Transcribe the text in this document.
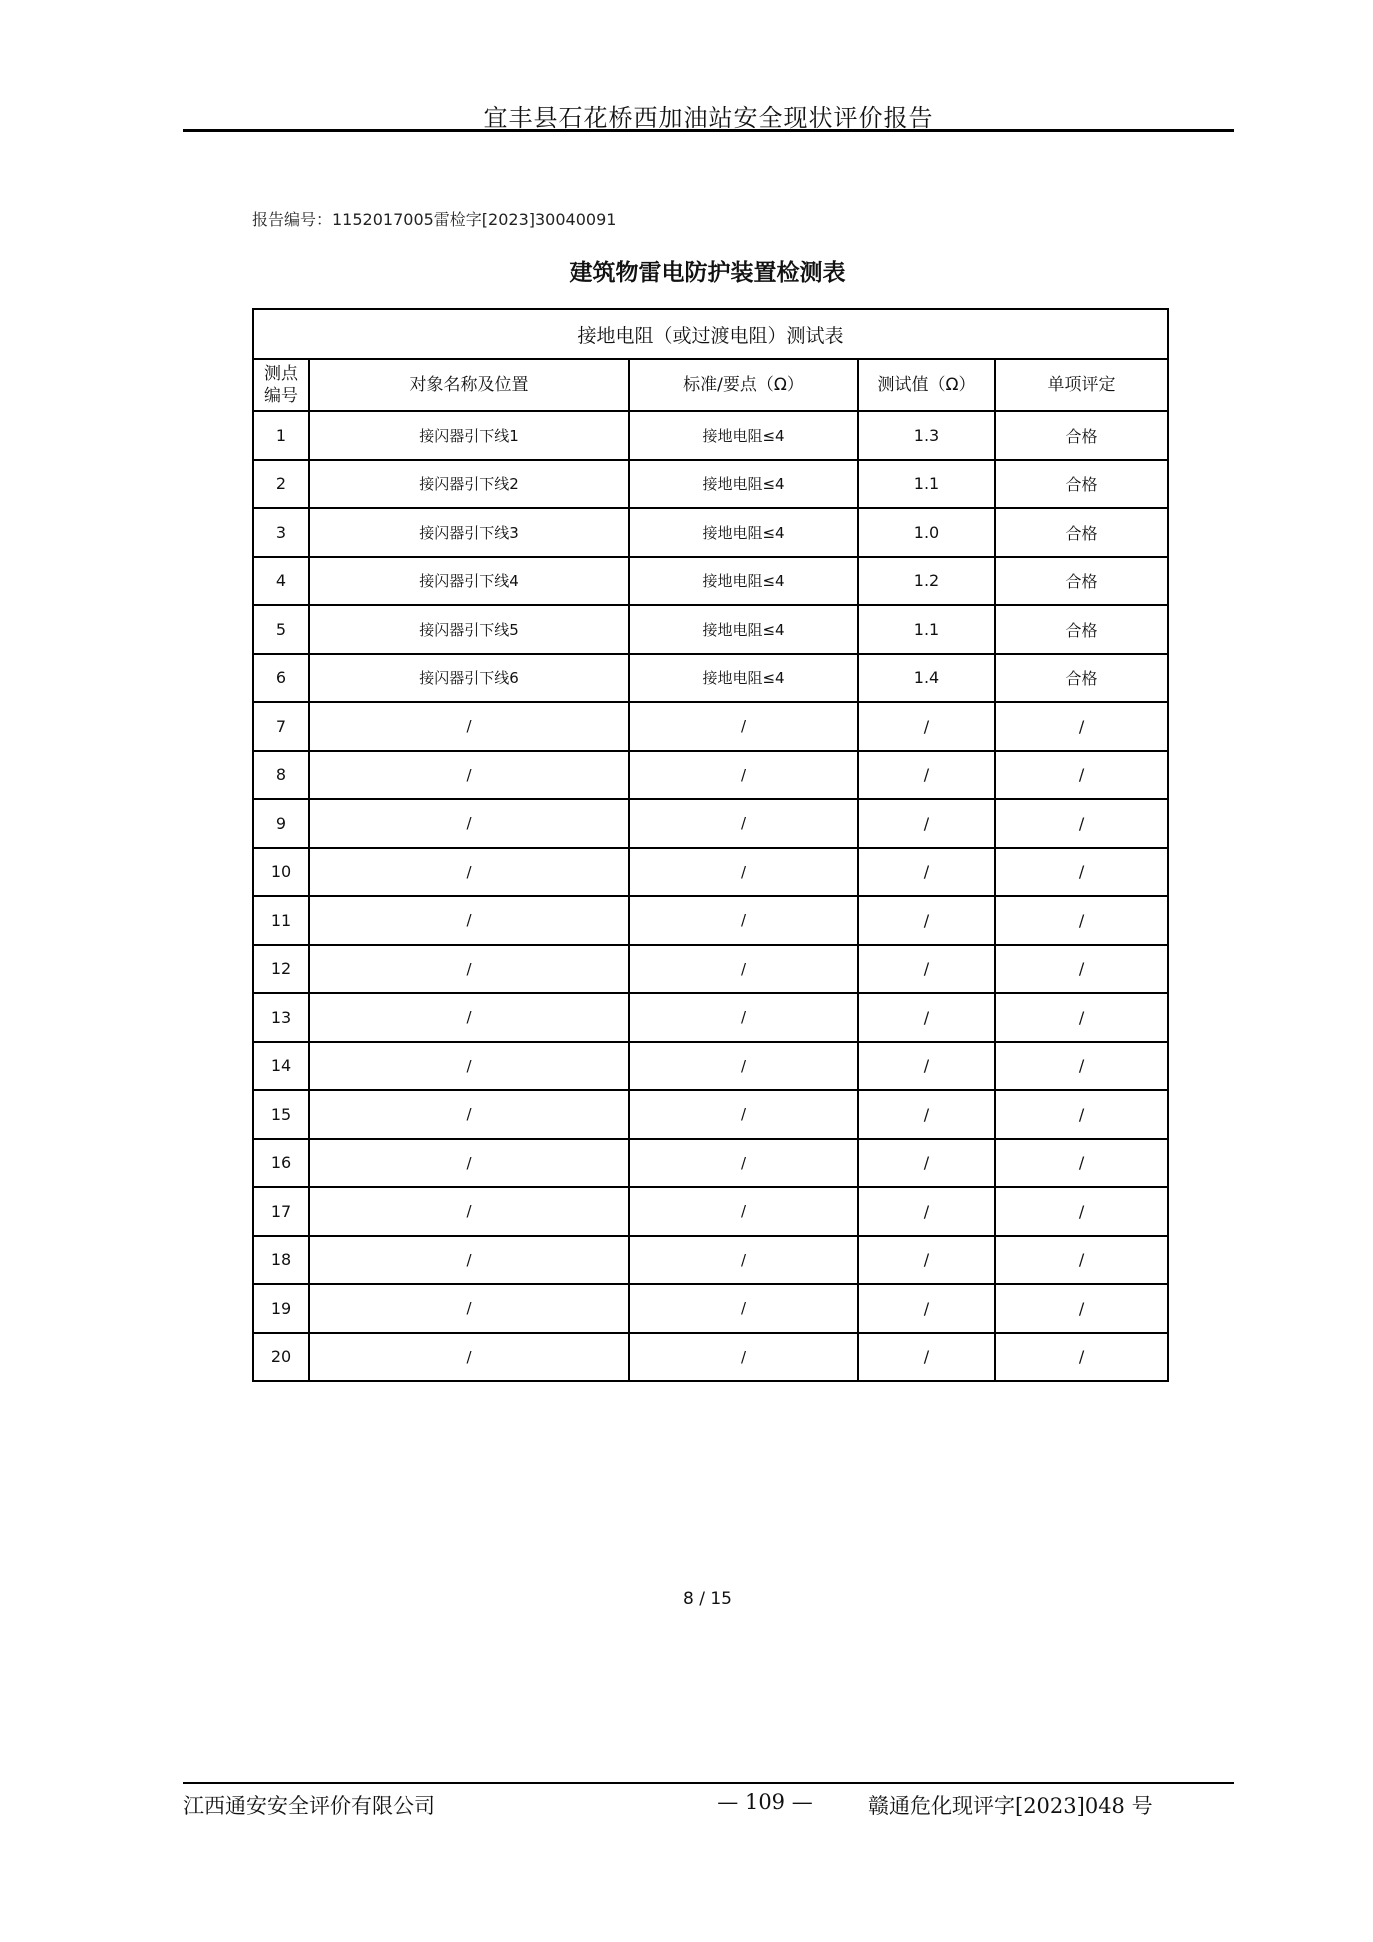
宜丰县石花桥西加油站安全现状评价报告
报告编号：1152017005雷检字[2023]30040091
建筑物雷电防护装置检测表
接地电阻（或过渡电阻）测试表				

测点
编号	对象名称及位置	标准/要点（Ω）	测试值（Ω）	单项评定
1	接闪器引下线1	接地电阻≤4	1.3	合格
2	接闪器引下线2	接地电阻≤4	1.1	合格
3	接闪器引下线3	接地电阻≤4	1.0	合格
4	接闪器引下线4	接地电阻≤4	1.2	合格
5	接闪器引下线5	接地电阻≤4	1.1	合格
6	接闪器引下线6	接地电阻≤4	1.4	合格
7	/	/	/	/
8	/	/	/	/
9	/	/	/	/
10	/	/	/	/
11	/	/	/	/
12	/	/	/	/
13	/	/	/	/
14	/	/	/	/
15	/	/	/	/
16	/	/	/	/
17	/	/	/	/
18	/	/	/	/
19	/	/	/	/
20	/	/	/	/
8 / 15
江西通安安全评价有限公司	— 109 —	赣通危化现评字[2023]048 号
